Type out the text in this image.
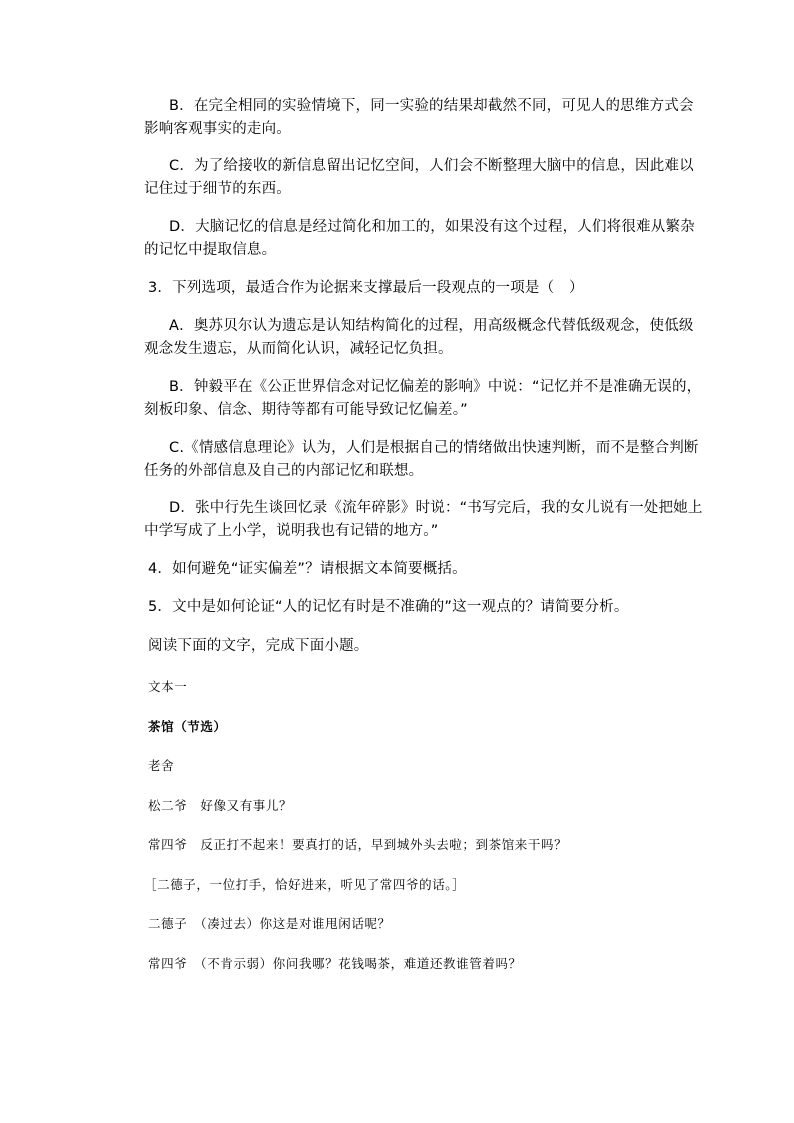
B．在完全相同的实验情境下，同一实验的结果却截然不同，可见人的思维方式会
影响客观事实的走向。
C．为了给接收的新信息留出记忆空间，人们会不断整理大脑中的信息，因此难以
记住过于细节的东西。
D．大脑记忆的信息是经过简化和加工的，如果没有这个过程，人们将很难从繁杂
的记忆中提取信息。
3．下列选项，最适合作为论据来支撑最后一段观点的一项是（　）
A．奥苏贝尔认为遗忘是认知结构简化的过程，用高级概念代替低级观念，使低级
观念发生遗忘，从而简化认识，减轻记忆负担。
B．钟毅平在《公正世界信念对记忆偏差的影响》中说：“记忆并不是准确无误的，
刻板印象、信念、期待等都有可能导致记忆偏差。”
C.《情感信息理论》认为，人们是根据自己的情绪做出快速判断，而不是整合判断
任务的外部信息及自己的内部记忆和联想。
D．张中行先生谈回忆录《流年碎影》时说：“书写完后，我的女儿说有一处把她上
中学写成了上小学，说明我也有记错的地方。”
4．如何避免“证实偏差”？请根据文本简要概括。
5．文中是如何论证“人的记忆有时是不准确的”这一观点的？请简要分析。
阅读下面的文字，完成下面小题。
文本一
茶馆（节选）
老舍
松二爷　好像又有事儿？
常四爷　反正打不起来！要真打的话，早到城外头去啦；到茶馆来干吗？
［二德子，一位打手，恰好进来，听见了常四爷的话。］
二德子　（凑过去）你这是对谁甩闲话呢？
常四爷　（不肯示弱）你问我哪？花钱喝茶，难道还教谁管着吗？
